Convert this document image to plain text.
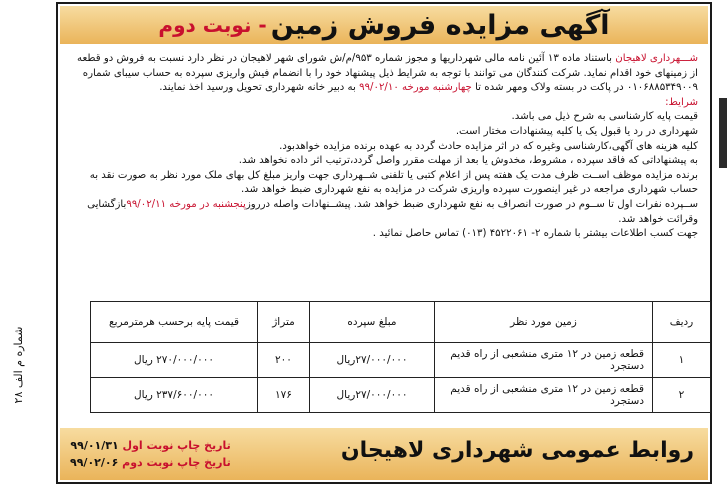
شماره م الف ۲۸
آگهی مزایده فروش زمین
- نوبت دوم

شـــهرداری لاهیجان باستناد ماده ۱۳ آئین نامه مالی شهرداریها و مجوز شماره ۹۵۳/م/ش شورای شهر لاهیجان در نظر دارد نسبت به فروش دو قطعه از زمینهای خود اقدام نماید. شرکت کنندگان می توانند با توجه به شرایط ذیل پیشنهاد خود را با انضمام فیش واریزی سپرده به حساب سیبای شماره ۰۱۰۶۸۸۵۳۴۹۰۰۹ در پاکت در بسته ولاک ومهر شده تا چهارشنبه مورخه ۹۹/۰۲/۱۰ به دبیر خانه شهرداری تحویل ورسید اخذ نمایند.

شرایط:

قیمت پایه کارشناسی به شرح ذیل می باشد.

شهرداری در رد یا قبول یک یا کلیه پیشنهادات مختار است.

کلیه هزینه های آگهی،کارشناسی وغیره که در اثر مزایده حادث گردد به عهده برنده مزایده خواهدبود.

به پیشنهاداتی که فاقد سپرده ، مشروط، مخدوش یا بعد از مهلت مقرر واصل گردد،ترتیب اثر داده نخواهد شد.

برنده مزایده موظف اســت ظرف مدت یک هفته پس از اعلام کتبی یا تلفنی شــهرداری جهت واریز مبلغ کل بهای ملک مورد نظر به صورت نقد به حساب شهرداری مراجعه در غیر اینصورت سپرده واریزی شرکت در مزایده به نفع شهرداری ضبط خواهد شد.

ســپرده نفرات اول تا ســوم در صورت انصراف به نفع شهرداری ضبط خواهد شد. پیشــنهادات واصله درروزپنجشنبه در مورخه ۹۹/۰۲/۱۱بازگشایی وقرائت خواهد شد.

جهت کسب اطلاعات بیشتر با شماره ۲- ۴۵۲۲۰۶۱ (۰۱۳) تماس حاصل نمائید .

ردیف	زمین مورد نظر	مبلغ سپرده	متراژ	قیمت پایه برحسب هرمترمربع
۱	قطعه زمین در ۱۲ متری منشعبی از راه قدیم دستجرد	۲۷/۰۰۰/۰۰۰ریال	۲۰۰	۲۷۰/۰۰۰/۰۰۰ ریال
۲	قطعه زمین در ۱۲ متری منشعبی از راه قدیم دستجرد	۲۷/۰۰۰/۰۰۰ریال	۱۷۶	۲۳۷/۶۰۰/۰۰۰ ریال
روابط عمومی شهرداری لاهیجان
تاریخ چاپ نوبت اول ۹۹/۰۱/۳۱
تاریخ چاپ نوبت دوم ۹۹/۰۲/۰۶
